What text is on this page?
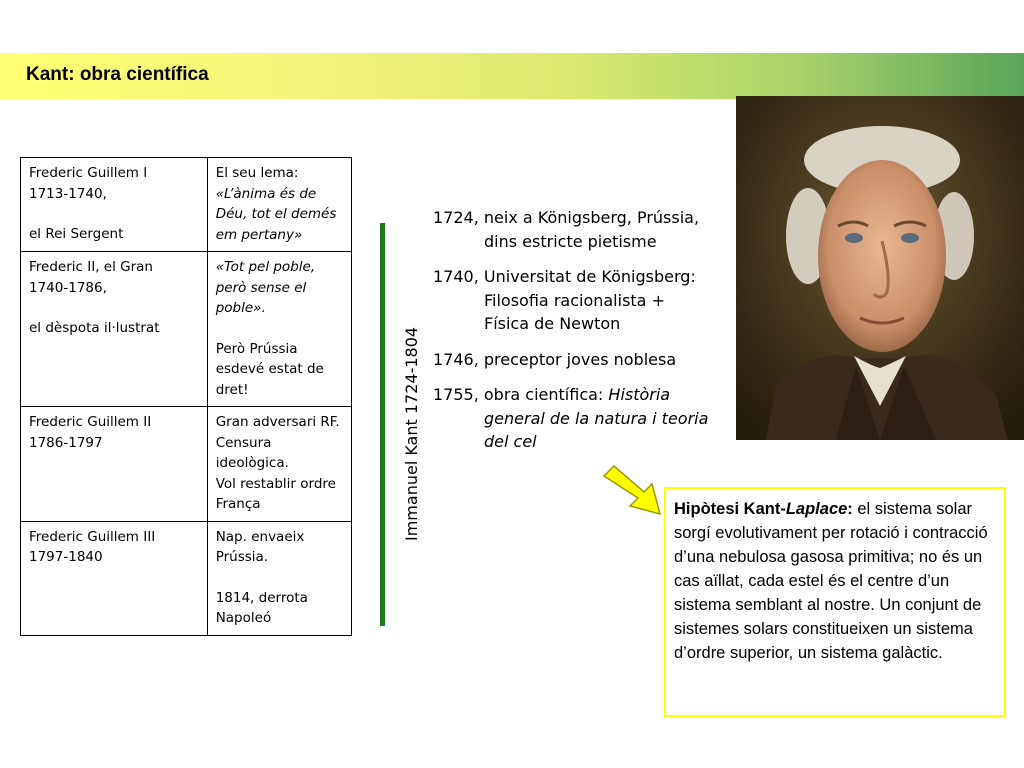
Kant: obra científica
Frederic Guillem I
1713-1740,
el Rei Sergent	El seu lema:
«L’ànima és de Déu, tot el demés em pertany»
Frederic II, el Gran
1740-1786,
el dèspota il·lustrat	«Tot pel poble, però sense el poble».
Però Prússia esdevé estat de dret!
Frederic Guillem II
1786-1797	Gran adversari RF.
Censura ideològica.
Vol restablir ordre França
Frederic Guillem III
1797-1840	Nap. envaeix Prússia.
1814, derrota Napoleó
Immanuel Kant 1724-1804
1724, neix a Königsberg, Prússia,
dins estricte pietisme
1740, Universitat de Königsberg:
Filosofia racionalista +
Física de Newton
1746, preceptor joves noblesa
1755, obra científica: Història
general de la natura i teoria
del cel
Hipòtesi Kant-Laplace: el sistema solar sorgí evolutivament per rotació i contracció d’una nebulosa gasosa primitiva; no és un cas aïllat, cada estel és el centre d’un sistema semblant al nostre. Un conjunt de sistemes solars constitueixen un sistema d’ordre superior, un sistema galàctic.
